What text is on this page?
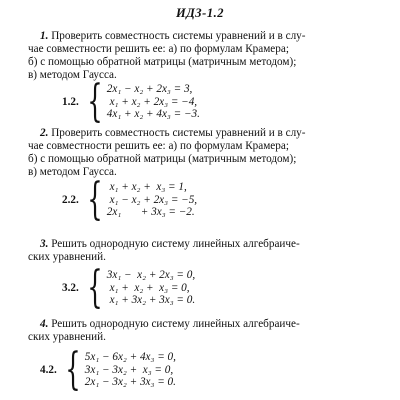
ИДЗ-1.2
1. Проверить совместность системы уравнений и в слу-
чае совместности решить ее: а) по формулам Крамера;
б) с помощью обратной матрицы (матричным методом);
в) методом Гаусса.
1.2. { 2x₁ − x₂ + 2x₃ = 3,
x₁ + x₂ + 2x₃ = −4,
4x₁ + x₂ + 4x₃ = −3.
2. Проверить совместность системы уравнений и в слу-
чае совместности решить ее: а) по формулам Крамера;
б) с помощью обратной матрицы (матричным методом);
в) методом Гаусса.
2.2. { x₁ + x₂ +  x₃ = 1,
x₁ − x₂ + 2x₃ = −5,
2x₁       + 3x₃ = −2.
3. Решить однородную систему линейных алгебраиче-
ских уравнений.
3.2. { 3x₁ −  x₂ + 2x₃ = 0,
x₁ +  x₂ +  x₃ = 0,
x₁ + 3x₂ + 3x₃ = 0.
4. Решить однородную систему линейных алгебраиче-
ских уравнений.
4.2. { 5x₁ − 6x₂ + 4x₃ = 0,
3x₁ − 3x₂ +  x₃ = 0,
2x₁ − 3x₂ + 3x₃ = 0.
